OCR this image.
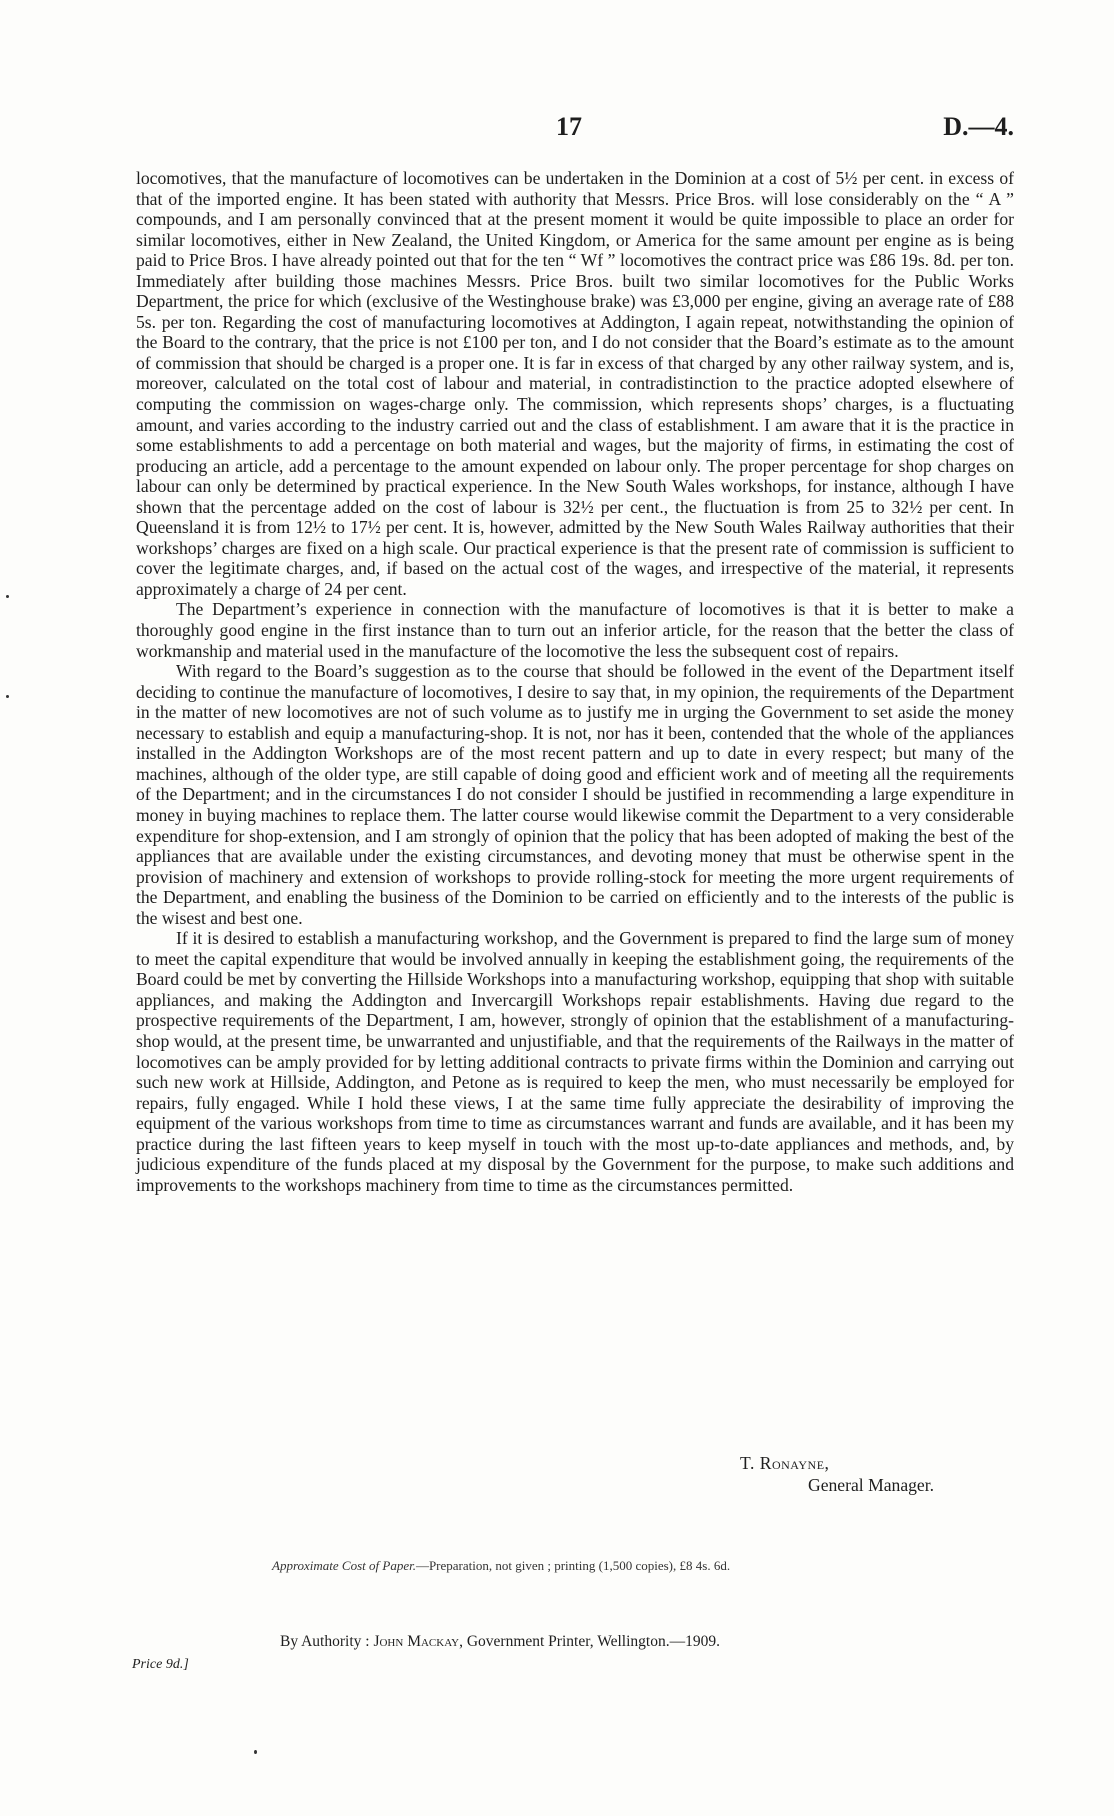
17	D.—4.

locomotives, that the manufacture of locomotives can be undertaken in the Dominion at a cost of 5½ per cent. in excess of that of the imported engine. It has been stated with authority that Messrs. Price Bros. will lose considerably on the “ A ” compounds, and I am personally convinced that at the present moment it would be quite impossible to place an order for similar locomotives, either in New Zealand, the United Kingdom, or America for the same amount per engine as is being paid to Price Bros. I have already pointed out that for the ten “ Wf ” locomotives the contract price was £86 19s. 8d. per ton. Immediately after building those machines Messrs. Price Bros. built two similar locomotives for the Public Works Department, the price for which (exclusive of the Westinghouse brake) was £3,000 per engine, giving an average rate of £88 5s. per ton. Regarding the cost of manufacturing locomotives at Addington, I again repeat, notwithstanding the opinion of the Board to the contrary, that the price is not £100 per ton, and I do not consider that the Board’s estimate as to the amount of commission that should be charged is a proper one. It is far in excess of that charged by any other railway system, and is, moreover, calculated on the total cost of labour and material, in contradistinction to the practice adopted elsewhere of computing the commission on wages-charge only. The commission, which represents shops’ charges, is a fluctuating amount, and varies according to the industry carried out and the class of establishment. I am aware that it is the practice in some establishments to add a percentage on both material and wages, but the majority of firms, in estimating the cost of producing an article, add a percentage to the amount expended on labour only. The proper percentage for shop charges on labour can only be determined by practical experience. In the New South Wales workshops, for instance, although I have shown that the percentage added on the cost of labour is 32½ per cent., the fluctuation is from 25 to 32½ per cent. In Queensland it is from 12½ to 17½ per cent. It is, however, admitted by the New South Wales Railway authorities that their workshops’ charges are fixed on a high scale. Our practical experience is that the present rate of commission is sufficient to cover the legitimate charges, and, if based on the actual cost of the wages, and irrespective of the material, it represents approximately a charge of 24 per cent.

The Department’s experience in connection with the manufacture of locomotives is that it is better to make a thoroughly good engine in the first instance than to turn out an inferior article, for the reason that the better the class of workmanship and material used in the manufacture of the locomotive the less the subsequent cost of repairs.

With regard to the Board’s suggestion as to the course that should be followed in the event of the Department itself deciding to continue the manufacture of locomotives, I desire to say that, in my opinion, the requirements of the Department in the matter of new locomotives are not of such volume as to justify me in urging the Government to set aside the money necessary to establish and equip a manufacturing-shop. It is not, nor has it been, contended that the whole of the appliances installed in the Addington Workshops are of the most recent pattern and up to date in every respect; but many of the machines, although of the older type, are still capable of doing good and efficient work and of meeting all the requirements of the Department; and in the circumstances I do not consider I should be justified in recommending a large expenditure in money in buying machines to replace them. The latter course would likewise commit the Department to a very considerable expenditure for shop-extension, and I am strongly of opinion that the policy that has been adopted of making the best of the appliances that are available under the existing circumstances, and devoting money that must be otherwise spent in the provision of machinery and extension of workshops to provide rolling-stock for meeting the more urgent requirements of the Department, and enabling the business of the Dominion to be carried on efficiently and to the interests of the public is the wisest and best one.

If it is desired to establish a manufacturing workshop, and the Government is prepared to find the large sum of money to meet the capital expenditure that would be involved annually in keeping the establishment going, the requirements of the Board could be met by converting the Hillside Workshops into a manufacturing workshop, equipping that shop with suitable appliances, and making the Addington and Invercargill Workshops repair establishments. Having due regard to the prospective requirements of the Department, I am, however, strongly of opinion that the establishment of a manufacturing-shop would, at the present time, be unwarranted and unjustifiable, and that the requirements of the Railways in the matter of locomotives can be amply provided for by letting additional contracts to private firms within the Dominion and carrying out such new work at Hillside, Addington, and Petone as is required to keep the men, who must necessarily be employed for repairs, fully engaged. While I hold these views, I at the same time fully appreciate the desirability of improving the equipment of the various workshops from time to time as circumstances warrant and funds are available, and it has been my practice during the last fifteen years to keep myself in touch with the most up-to-date appliances and methods, and, by judicious expenditure of the funds placed at my disposal by the Government for the purpose, to make such additions and improvements to the workshops machinery from time to time as the circumstances permitted.

T. Ronayne,
General Manager.
Approximate Cost of Paper.—Preparation, not given ; printing (1,500 copies), £8 4s. 6d.
By Authority : John Mackay, Government Printer, Wellington.—1909.
Price 9d.]
